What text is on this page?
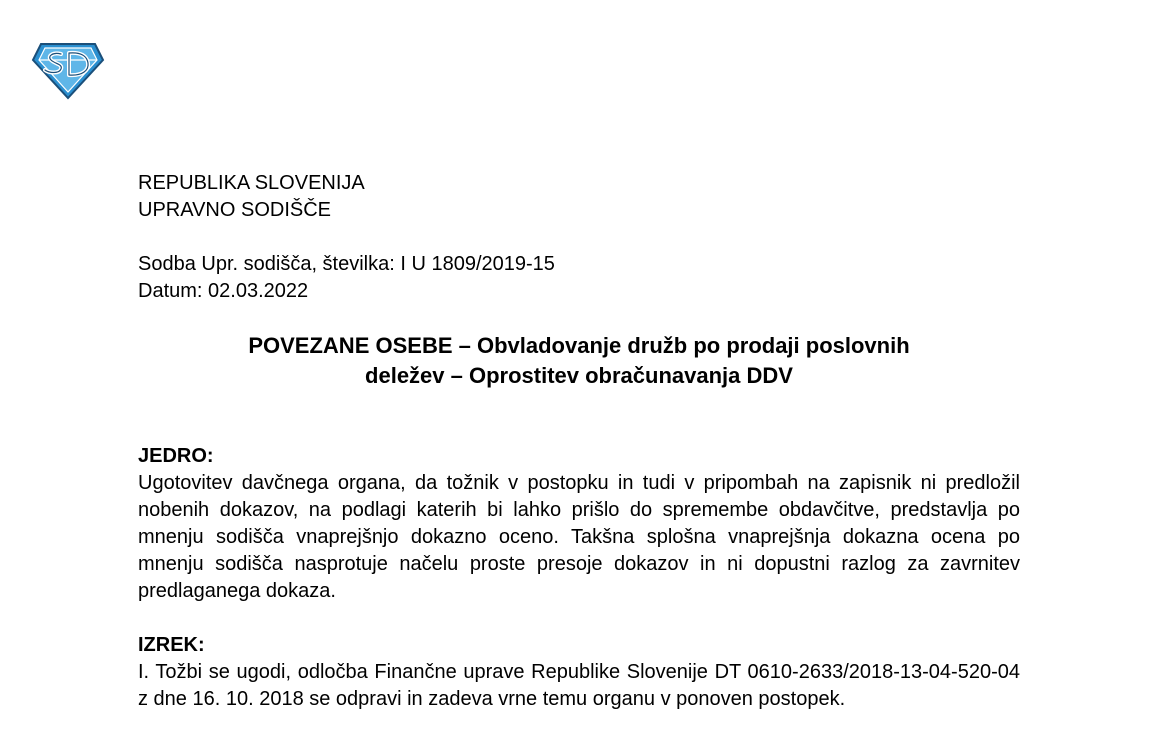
REPUBLIKA SLOVENIJA
UPRAVNO SODIŠČE
Sodba Upr. sodišča, številka: I U 1809/2019-15
Datum: 02.03.2022
POVEZANE OSEBE – Obvladovanje družb po prodaji poslovnih
deležev – Oprostitev obračunavanja DDV
JEDRO:

Ugotovitev davčnega organa, da tožnik v postopku in tudi v pripombah na zapisnik ni predložil nobenih dokazov, na podlagi katerih bi lahko prišlo do spremembe obdavčitve, predstavlja po mnenju sodišča vnaprejšnjo dokazno oceno. Takšna splošna vnaprejšnja dokazna ocena po mnenju sodišča nasprotuje načelu proste presoje dokazov in ni dopustni razlog za zavrnitev predlaganega dokaza.

IZREK:

I. Tožbi se ugodi, odločba Finančne uprave Republike Slovenije DT 0610-2633/2018-13-04-520-04 z dne 16. 10. 2018 se odpravi in zadeva vrne temu organu v ponoven postopek.
